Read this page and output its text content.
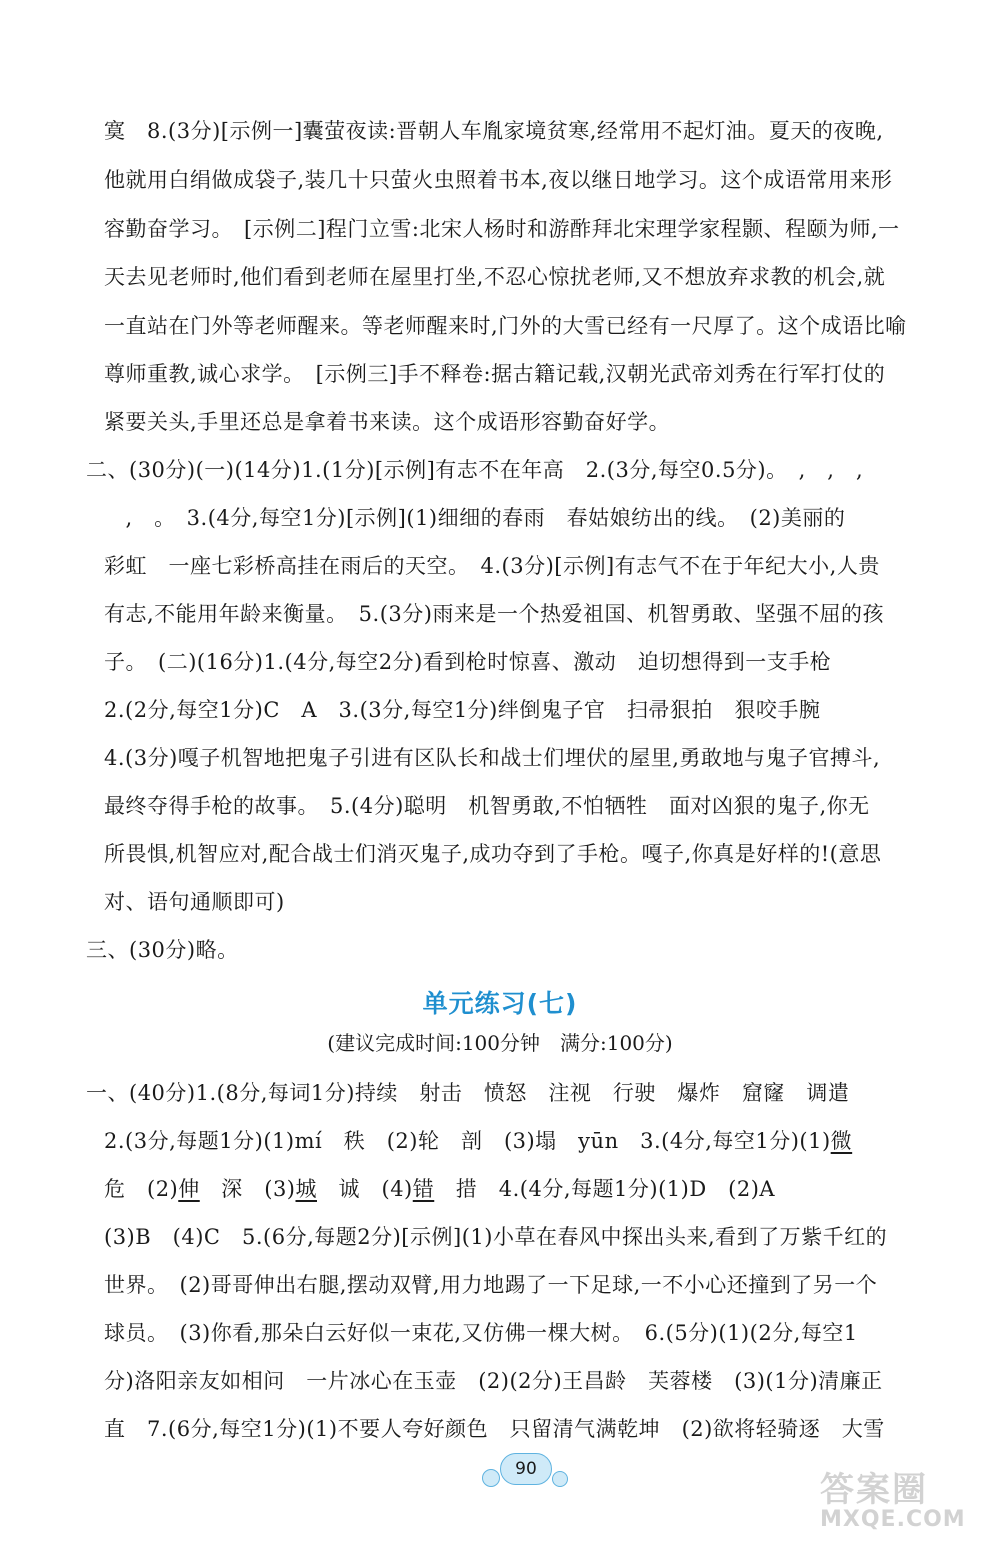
寞　8.(3分)[示例一]囊萤夜读:晋朝人车胤家境贫寒,经常用不起灯油。夏天的夜晚,
他就用白绢做成袋子,装几十只萤火虫照着书本,夜以继日地学习。这个成语常用来形
容勤奋学习。　[示例二]程门立雪:北宋人杨时和游酢拜北宋理学家程颢、程颐为师,一
天去见老师时,他们看到老师在屋里打坐,不忍心惊扰老师,又不想放弃求教的机会,就
一直站在门外等老师醒来。等老师醒来时,门外的大雪已经有一尺厚了。这个成语比喻
尊师重教,诚心求学。　[示例三]手不释卷:据古籍记载,汉朝光武帝刘秀在行军打仗的
紧要关头,手里还总是拿着书来读。这个成语形容勤奋好学。
二、(30分)(一)(14分)1.(1分)[示例]有志不在年高　2.(3分,每空0.5分)。　,　,　,
　,　。　3.(4分,每空1分)[示例](1)细细的春雨　春姑娘纺出的线。　(2)美丽的
彩虹　一座七彩桥高挂在雨后的天空。　4.(3分)[示例]有志气不在于年纪大小,人贵
有志,不能用年龄来衡量。　5.(3分)雨来是一个热爱祖国、机智勇敢、坚强不屈的孩
子。　(二)(16分)1.(4分,每空2分)看到枪时惊喜、激动　迫切想得到一支手枪
2.(2分,每空1分)C　A　3.(3分,每空1分)绊倒鬼子官　扫帚狠拍　狠咬手腕
4.(3分)嘎子机智地把鬼子引进有区队长和战士们埋伏的屋里,勇敢地与鬼子官搏斗,
最终夺得手枪的故事。　5.(4分)聪明　机智勇敢,不怕牺牲　面对凶狠的鬼子,你无
所畏惧,机智应对,配合战士们消灭鬼子,成功夺到了手枪。嘎子,你真是好样的!(意思
对、语句通顺即可)
三、(30分)略。
单元练习(七)
(建议完成时间:100分钟　满分:100分)
一、(40分)1.(8分,每词1分)持续　射击　愤怒　注视　行驶　爆炸　窟窿　调遣
2.(3分,每题1分)(1)mí　秩　(2)轮　剖　(3)塌　yūn　3.(4分,每空1分)(1)微
危　(2)伸　 深　(3)城　 诚　(4)错　 措　 4.(4分,每题1分)(1)D　(2)A
(3)B　(4)C　5.(6分,每题2分)[示例](1)小草在春风中探出头来,看到了万紫千红的
世界。　(2)哥哥伸出右腿,摆动双臂,用力地踢了一下足球,一不小心还撞到了另一个
球员。　(3)你看,那朵白云好似一束花,又仿佛一棵大树。　6.(5分)(1)(2分,每空1
分)洛阳亲友如相问　一片冰心在玉壶　(2)(2分)王昌龄　芙蓉楼　(3)(1分)清廉正
直　7.(6分,每空1分)(1)不要人夸好颜色　只留清气满乾坤　(2)欲将轻骑逐　大雪
90
答案圈
MXQE.COM
